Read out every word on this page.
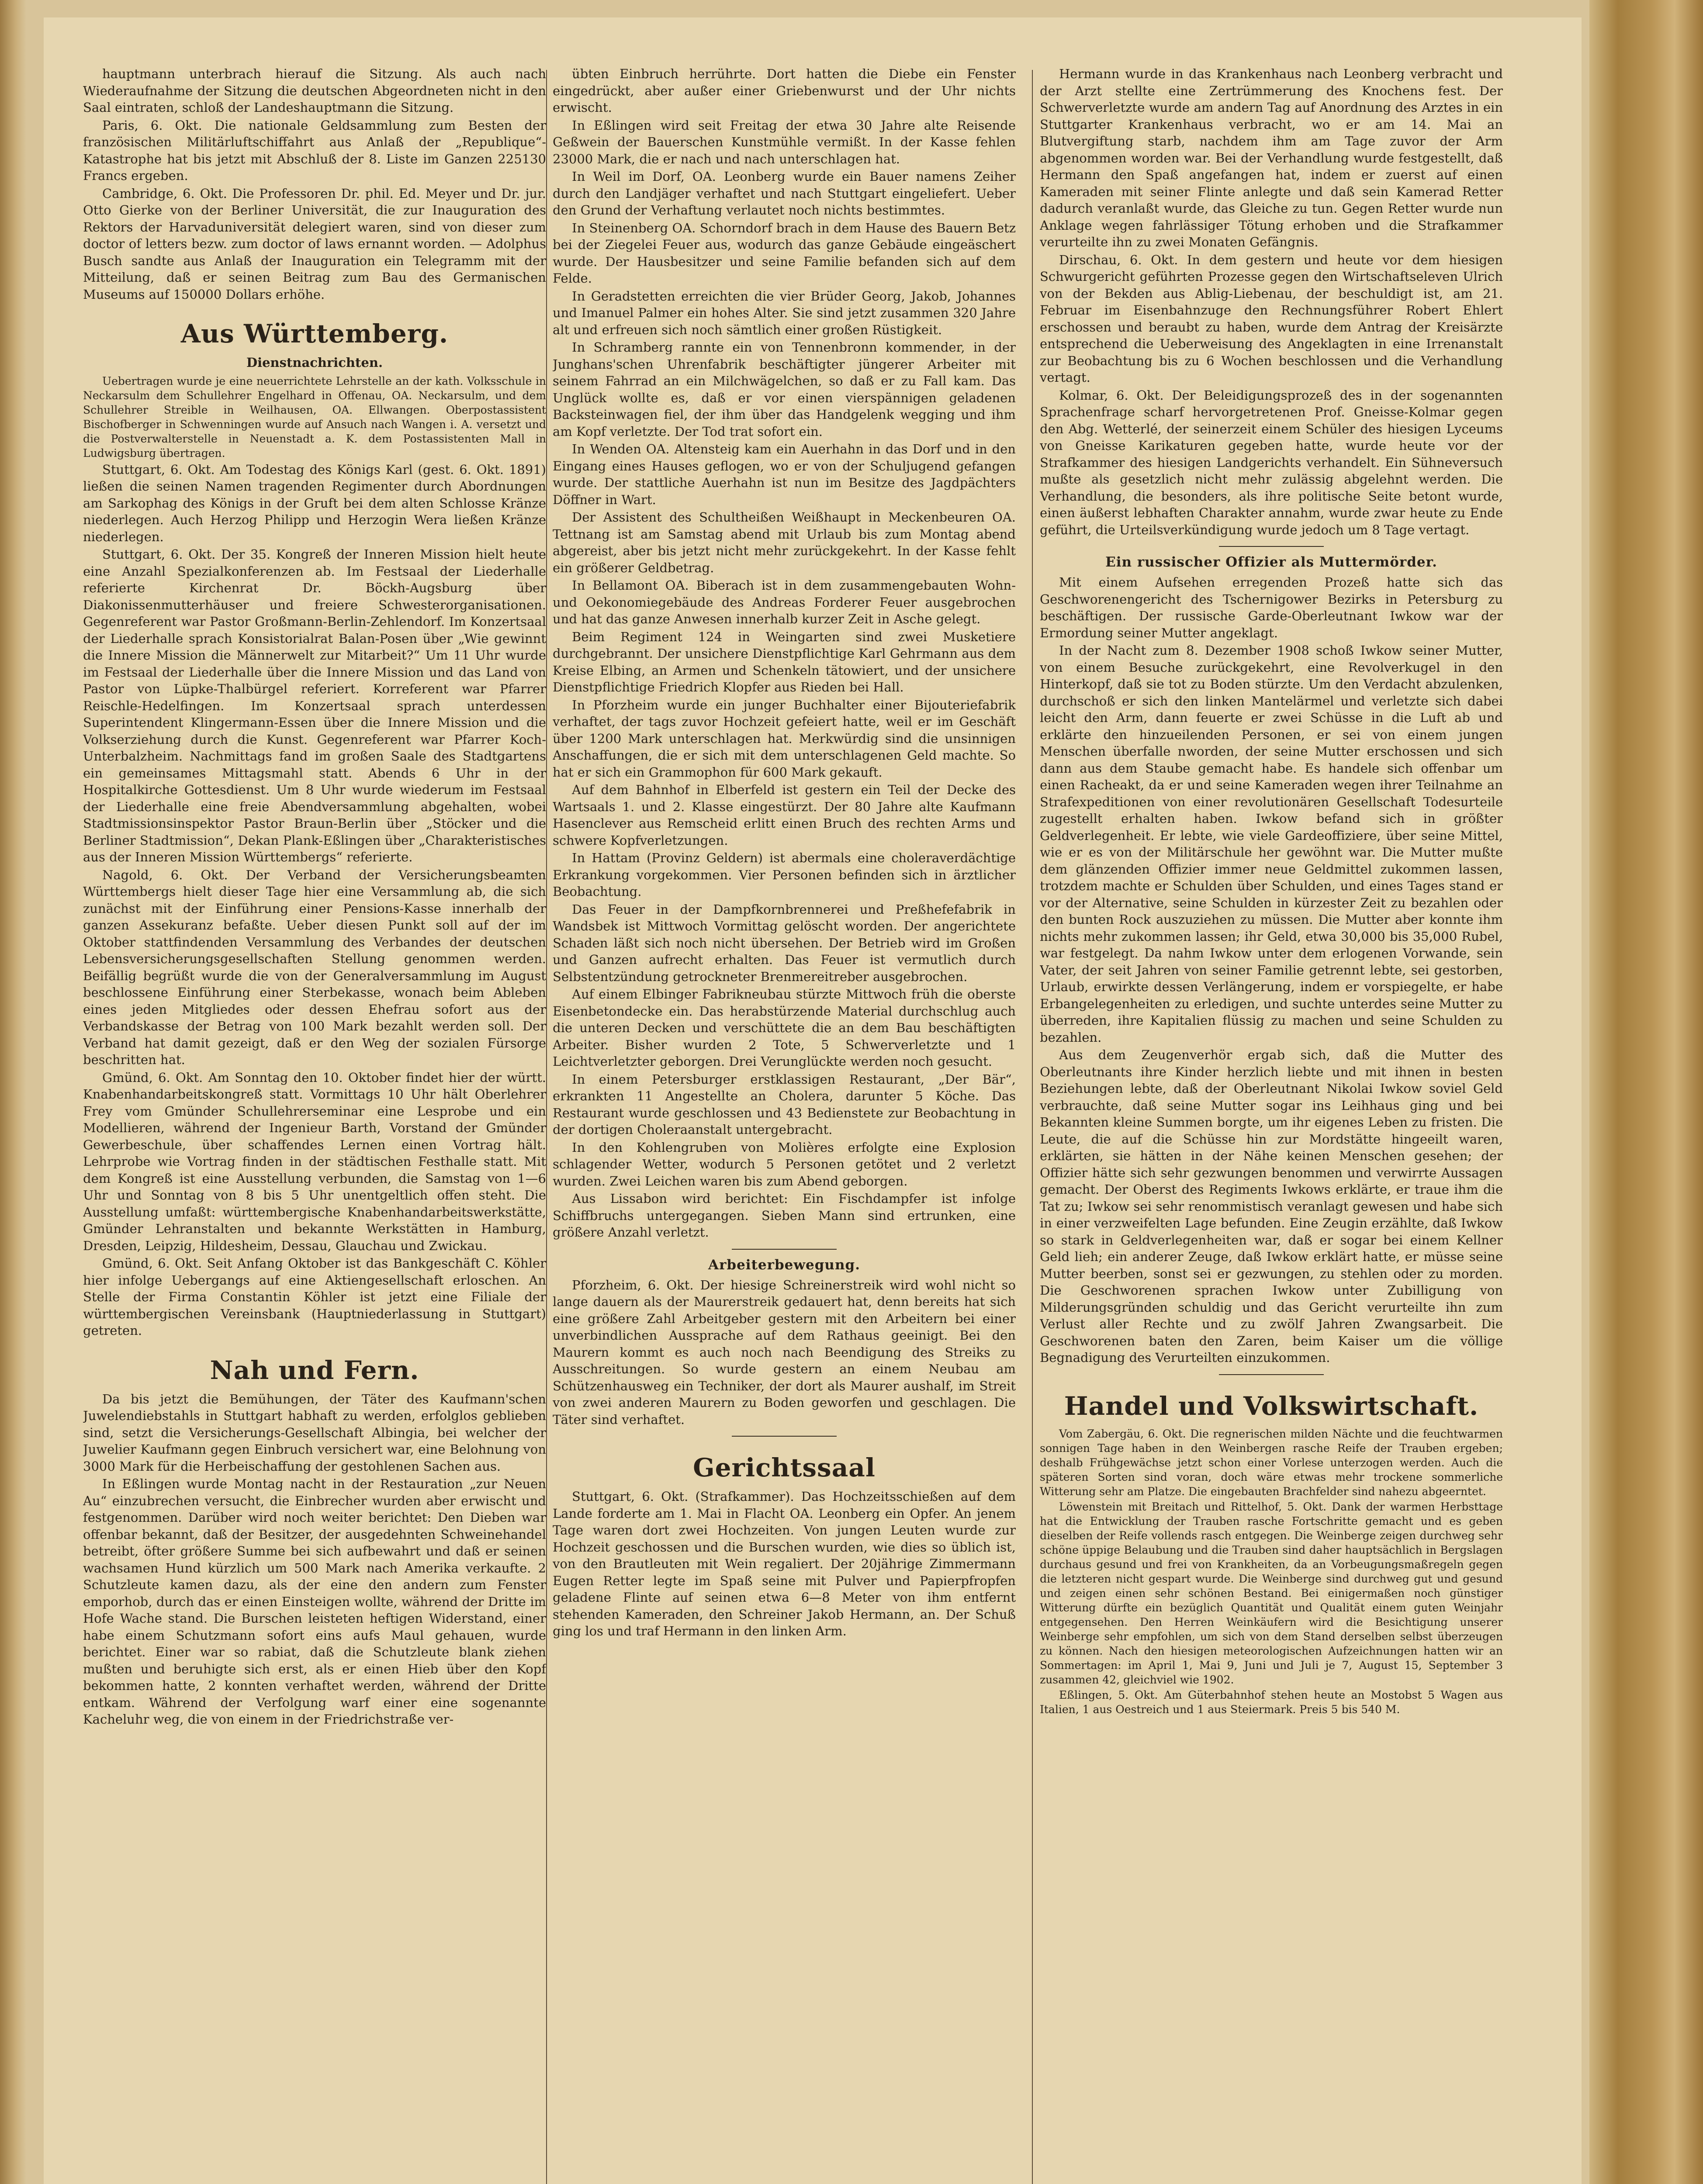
hauptmann unterbrach hierauf die Sitzung. Als auch nach Wiederaufnahme der Sitzung die deutschen Abgeordneten nicht in den Saal eintraten, schloß der Landeshauptmann die Sitzung.

Paris, 6. Okt. Die nationale Geldsammlung zum Besten der französischen Militärluftschiffahrt aus Anlaß der „Republique“-Katastrophe hat bis jetzt mit Abschluß der 8. Liste im Ganzen 225130 Francs ergeben.

Cambridge, 6. Okt. Die Professoren Dr. phil. Ed. Meyer und Dr. jur. Otto Gierke von der Berliner Universität, die zur Inauguration des Rektors der Harvaduniversität delegiert waren, sind von dieser zum doctor of letters bezw. zum doctor of laws ernannt worden. — Adolphus Busch sandte aus Anlaß der Inauguration ein Telegramm mit der Mitteilung, daß er seinen Beitrag zum Bau des Germanischen Museums auf 150000 Dollars erhöhe.

Aus Württemberg.
Dienstnachrichten.

Uebertragen wurde je eine neuerrichtete Lehrstelle an der kath. Volksschule in Neckarsulm dem Schullehrer Engelhard in Offenau, OA. Neckarsulm, und dem Schullehrer Streible in Weilhausen, OA. Ellwangen. Oberpostassistent Bischofberger in Schwenningen wurde auf Ansuch nach Wangen i. A. versetzt und die Postverwalterstelle in Neuenstadt a. K. dem Postassistenten Mall in Ludwigsburg übertragen.

Stuttgart, 6. Okt. Am Todestag des Königs Karl (gest. 6. Okt. 1891) ließen die seinen Namen tragenden Regimenter durch Abordnungen am Sarkophag des Königs in der Gruft bei dem alten Schlosse Kränze niederlegen. Auch Herzog Philipp und Herzogin Wera ließen Kränze niederlegen.

Stuttgart, 6. Okt. Der 35. Kongreß der Inneren Mission hielt heute eine Anzahl Spezialkonferenzen ab. Im Festsaal der Liederhalle referierte Kirchenrat Dr. Böckh-Augsburg über Diakonissenmutterhäuser und freiere Schwesterorganisationen. Gegenreferent war Pastor Großmann-Berlin-Zehlendorf. Im Konzertsaal der Liederhalle sprach Konsistorialrat Balan-Posen über „Wie gewinnt die Innere Mission die Männerwelt zur Mitarbeit?“ Um 11 Uhr wurde im Festsaal der Liederhalle über die Innere Mission und das Land von Pastor von Lüpke-Thalbürgel referiert. Korreferent war Pfarrer Reischle-Hedelfingen. Im Konzertsaal sprach unterdessen Superintendent Klingermann-Essen über die Innere Mission und die Volkserziehung durch die Kunst. Gegenreferent war Pfarrer Koch-Unterbalzheim. Nachmittags fand im großen Saale des Stadtgartens ein gemeinsames Mittagsmahl statt. Abends 6 Uhr in der Hospitalkirche Gottesdienst. Um 8 Uhr wurde wiederum im Festsaal der Liederhalle eine freie Abendversammlung abgehalten, wobei Stadtmissionsinspektor Pastor Braun-Berlin über „Stöcker und die Berliner Stadtmission“, Dekan Plank-Eßlingen über „Charakteristisches aus der Inneren Mission Württembergs“ referierte.

Nagold, 6. Okt. Der Verband der Versicherungsbeamten Württembergs hielt dieser Tage hier eine Versammlung ab, die sich zunächst mit der Einführung einer Pensions-Kasse innerhalb der ganzen Assekuranz befaßte. Ueber diesen Punkt soll auf der im Oktober stattfindenden Versammlung des Verbandes der deutschen Lebensversicherungsgesellschaften Stellung genommen werden. Beifällig begrüßt wurde die von der Generalversammlung im August beschlossene Einführung einer Sterbekasse, wonach beim Ableben eines jeden Mitgliedes oder dessen Ehefrau sofort aus der Verbandskasse der Betrag von 100 Mark bezahlt werden soll. Der Verband hat damit gezeigt, daß er den Weg der sozialen Fürsorge beschritten hat.

Gmünd, 6. Okt. Am Sonntag den 10. Oktober findet hier der württ. Knabenhandarbeitskongreß statt. Vormittags 10 Uhr hält Oberlehrer Frey vom Gmünder Schullehrerseminar eine Lesprobe und ein Modellieren, während der Ingenieur Barth, Vorstand der Gmünder Gewerbeschule, über schaffendes Lernen einen Vortrag hält. Lehrprobe wie Vortrag finden in der städtischen Festhalle statt. Mit dem Kongreß ist eine Ausstellung verbunden, die Samstag von 1—6 Uhr und Sonntag von 8 bis 5 Uhr unentgeltlich offen steht. Die Ausstellung umfaßt: württembergische Knabenhandarbeitswerkstätte, Gmünder Lehranstalten und bekannte Werkstätten in Hamburg, Dresden, Leipzig, Hildesheim, Dessau, Glauchau und Zwickau.

Gmünd, 6. Okt. Seit Anfang Oktober ist das Bankgeschäft C. Köhler hier infolge Uebergangs auf eine Aktiengesellschaft erloschen. An Stelle der Firma Constantin Köhler ist jetzt eine Filiale der württembergischen Vereinsbank (Hauptniederlassung in Stuttgart) getreten.

Nah und Fern.

Da bis jetzt die Bemühungen, der Täter des Kaufmann'schen Juwelendiebstahls in Stuttgart habhaft zu werden, erfolglos geblieben sind, setzt die Versicherungs-Gesellschaft Albingia, bei welcher der Juwelier Kaufmann gegen Einbruch versichert war, eine Belohnung von 3000 Mark für die Herbeischaffung der gestohlenen Sachen aus.

In Eßlingen wurde Montag nacht in der Restauration „zur Neuen Au“ einzubrechen versucht, die Einbrecher wurden aber erwischt und festgenommen. Darüber wird noch weiter berichtet: Den Dieben war offenbar bekannt, daß der Besitzer, der ausgedehnten Schweinehandel betreibt, öfter größere Summe bei sich aufbewahrt und daß er seinen wachsamen Hund kürzlich um 500 Mark nach Amerika verkaufte. 2 Schutzleute kamen dazu, als der eine den andern zum Fenster emporhob, durch das er einen Einsteigen wollte, während der Dritte im Hofe Wache stand. Die Burschen leisteten heftigen Widerstand, einer habe einem Schutzmann sofort eins aufs Maul gehauen, wurde berichtet. Einer war so rabiat, daß die Schutzleute blank ziehen mußten und beruhigte sich erst, als er einen Hieb über den Kopf bekommen hatte, 2 konnten verhaftet werden, während der Dritte entkam. Während der Verfolgung warf einer eine sogenannte Kacheluhr weg, die von einem in der Friedrichstraße ver-

übten Einbruch herrührte. Dort hatten die Diebe ein Fenster eingedrückt, aber außer einer Griebenwurst und der Uhr nichts erwischt.

In Eßlingen wird seit Freitag der etwa 30 Jahre alte Reisende Geßwein der Bauerschen Kunstmühle vermißt. In der Kasse fehlen 23000 Mark, die er nach und nach unterschlagen hat.

In Weil im Dorf, OA. Leonberg wurde ein Bauer namens Zeiher durch den Landjäger verhaftet und nach Stuttgart eingeliefert. Ueber den Grund der Verhaftung verlautet noch nichts bestimmtes.

In Steinenberg OA. Schorndorf brach in dem Hause des Bauern Betz bei der Ziegelei Feuer aus, wodurch das ganze Gebäude eingeäschert wurde. Der Hausbesitzer und seine Familie befanden sich auf dem Felde.

In Geradstetten erreichten die vier Brüder Georg, Jakob, Johannes und Imanuel Palmer ein hohes Alter. Sie sind jetzt zusammen 320 Jahre alt und erfreuen sich noch sämtlich einer großen Rüstigkeit.

In Schramberg rannte ein von Tennenbronn kommender, in der Junghans'schen Uhrenfabrik beschäftigter jüngerer Arbeiter mit seinem Fahrrad an ein Milchwägelchen, so daß er zu Fall kam. Das Unglück wollte es, daß er vor einen vierspännigen geladenen Backsteinwagen fiel, der ihm über das Handgelenk wegging und ihm am Kopf verletzte. Der Tod trat sofort ein.

In Wenden OA. Altensteig kam ein Auerhahn in das Dorf und in den Eingang eines Hauses geflogen, wo er von der Schuljugend gefangen wurde. Der stattliche Auerhahn ist nun im Besitze des Jagdpächters Döffner in Wart.

Der Assistent des Schultheißen Weißhaupt in Meckenbeuren OA. Tettnang ist am Samstag abend mit Urlaub bis zum Montag abend abgereist, aber bis jetzt nicht mehr zurückgekehrt. In der Kasse fehlt ein größerer Geldbetrag.

In Bellamont OA. Biberach ist in dem zusammengebauten Wohn- und Oekonomiegebäude des Andreas Forderer Feuer ausgebrochen und hat das ganze Anwesen innerhalb kurzer Zeit in Asche gelegt.

Beim Regiment 124 in Weingarten sind zwei Musketiere durchgebrannt. Der unsichere Dienstpflichtige Karl Gehrmann aus dem Kreise Elbing, an Armen und Schenkeln tätowiert, und der unsichere Dienstpflichtige Friedrich Klopfer aus Rieden bei Hall.

In Pforzheim wurde ein junger Buchhalter einer Bijouteriefabrik verhaftet, der tags zuvor Hochzeit gefeiert hatte, weil er im Geschäft über 1200 Mark unterschlagen hat. Merkwürdig sind die unsinnigen Anschaffungen, die er sich mit dem unterschlagenen Geld machte. So hat er sich ein Grammophon für 600 Mark gekauft.

Auf dem Bahnhof in Elberfeld ist gestern ein Teil der Decke des Wartsaals 1. und 2. Klasse eingestürzt. Der 80 Jahre alte Kaufmann Hasenclever aus Remscheid erlitt einen Bruch des rechten Arms und schwere Kopfverletzungen.

In Hattam (Provinz Geldern) ist abermals eine choleraverdächtige Erkrankung vorgekommen. Vier Personen befinden sich in ärztlicher Beobachtung.

Das Feuer in der Dampfkornbrennerei und Preßhefefabrik in Wandsbek ist Mittwoch Vormittag gelöscht worden. Der angerichtete Schaden läßt sich noch nicht übersehen. Der Betrieb wird im Großen und Ganzen aufrecht erhalten. Das Feuer ist vermutlich durch Selbstentzündung getrockneter Brenmereitreber ausgebrochen.

Auf einem Elbinger Fabrikneubau stürzte Mittwoch früh die oberste Eisenbetondecke ein. Das herabstürzende Material durchschlug auch die unteren Decken und verschüttete die an dem Bau beschäftigten Arbeiter. Bisher wurden 2 Tote, 5 Schwerverletzte und 1 Leichtverletzter geborgen. Drei Verunglückte werden noch gesucht.

In einem Petersburger erstklassigen Restaurant, „Der Bär“, erkrankten 11 Angestellte an Cholera, darunter 5 Köche. Das Restaurant wurde geschlossen und 43 Bedienstete zur Beobachtung in der dortigen Choleraanstalt untergebracht.

In den Kohlengruben von Molières erfolgte eine Explosion schlagender Wetter, wodurch 5 Personen getötet und 2 verletzt wurden. Zwei Leichen waren bis zum Abend geborgen.

Aus Lissabon wird berichtet: Ein Fischdampfer ist infolge Schiffbruchs untergegangen. Sieben Mann sind ertrunken, eine größere Anzahl verletzt.

Arbeiterbewegung.

Pforzheim, 6. Okt. Der hiesige Schreinerstreik wird wohl nicht so lange dauern als der Maurerstreik gedauert hat, denn bereits hat sich eine größere Zahl Arbeitgeber gestern mit den Arbeitern bei einer unverbindlichen Aussprache auf dem Rathaus geeinigt. Bei den Maurern kommt es auch noch nach Beendigung des Streiks zu Ausschreitungen. So wurde gestern an einem Neubau am Schützenhausweg ein Techniker, der dort als Maurer aushalf, im Streit von zwei anderen Maurern zu Boden geworfen und geschlagen. Die Täter sind verhaftet.

Gerichtssaal

Stuttgart, 6. Okt. (Strafkammer). Das Hochzeitsschießen auf dem Lande forderte am 1. Mai in Flacht OA. Leonberg ein Opfer. An jenem Tage waren dort zwei Hochzeiten. Von jungen Leuten wurde zur Hochzeit geschossen und die Burschen wurden, wie dies so üblich ist, von den Brautleuten mit Wein regaliert. Der 20jährige Zimmermann Eugen Retter legte im Spaß seine mit Pulver und Papierpfropfen geladene Flinte auf seinen etwa 6—8 Meter von ihm entfernt stehenden Kameraden, den Schreiner Jakob Hermann, an. Der Schuß ging los und traf Hermann in den linken Arm.

Hermann wurde in das Krankenhaus nach Leonberg verbracht und der Arzt stellte eine Zertrümmerung des Knochens fest. Der Schwerverletzte wurde am andern Tag auf Anordnung des Arztes in ein Stuttgarter Krankenhaus verbracht, wo er am 14. Mai an Blutvergiftung starb, nachdem ihm am Tage zuvor der Arm abgenommen worden war. Bei der Verhandlung wurde festgestellt, daß Hermann den Spaß angefangen hat, indem er zuerst auf einen Kameraden mit seiner Flinte anlegte und daß sein Kamerad Retter dadurch veranlaßt wurde, das Gleiche zu tun. Gegen Retter wurde nun Anklage wegen fahrlässiger Tötung erhoben und die Strafkammer verurteilte ihn zu zwei Monaten Gefängnis.

Dirschau, 6. Okt. In dem gestern und heute vor dem hiesigen Schwurgericht geführten Prozesse gegen den Wirtschaftseleven Ulrich von der Bekden aus Ablig-Liebenau, der beschuldigt ist, am 21. Februar im Eisenbahnzuge den Rechnungsführer Robert Ehlert erschossen und beraubt zu haben, wurde dem Antrag der Kreisärzte entsprechend die Ueberweisung des Angeklagten in eine Irrenanstalt zur Beobachtung bis zu 6 Wochen beschlossen und die Verhandlung vertagt.

Kolmar, 6. Okt. Der Beleidigungsprozeß des in der sogenannten Sprachenfrage scharf hervorgetretenen Prof. Gneisse-Kolmar gegen den Abg. Wetterlé, der seinerzeit einem Schüler des hiesigen Lyceums von Gneisse Karikaturen gegeben hatte, wurde heute vor der Strafkammer des hiesigen Landgerichts verhandelt. Ein Sühneversuch mußte als gesetzlich nicht mehr zulässig abgelehnt werden. Die Verhandlung, die besonders, als ihre politische Seite betont wurde, einen äußerst lebhaften Charakter annahm, wurde zwar heute zu Ende geführt, die Urteilsverkündigung wurde jedoch um 8 Tage vertagt.

Ein russischer Offizier als Muttermörder.

Mit einem Aufsehen erregenden Prozeß hatte sich das Geschworenengericht des Tschernigower Bezirks in Petersburg zu beschäftigen. Der russische Garde-Oberleutnant Iwkow war der Ermordung seiner Mutter angeklagt.

In der Nacht zum 8. Dezember 1908 schoß Iwkow seiner Mutter, von einem Besuche zurückgekehrt, eine Revolverkugel in den Hinterkopf, daß sie tot zu Boden stürzte. Um den Verdacht abzulenken, durchschoß er sich den linken Mantelärmel und verletzte sich dabei leicht den Arm, dann feuerte er zwei Schüsse in die Luft ab und erklärte den hinzueilenden Personen, er sei von einem jungen Menschen überfalle nworden, der seine Mutter erschossen und sich dann aus dem Staube gemacht habe. Es handele sich offenbar um einen Racheakt, da er und seine Kameraden wegen ihrer Teilnahme an Strafexpeditionen von einer revolutionären Gesellschaft Todesurteile zugestellt erhalten haben. Iwkow befand sich in größter Geldverlegenheit. Er lebte, wie viele Gardeoffiziere, über seine Mittel, wie er es von der Militärschule her gewöhnt war. Die Mutter mußte dem glänzenden Offizier immer neue Geldmittel zukommen lassen, trotzdem machte er Schulden über Schulden, und eines Tages stand er vor der Alternative, seine Schulden in kürzester Zeit zu bezahlen oder den bunten Rock auszuziehen zu müssen. Die Mutter aber konnte ihm nichts mehr zukommen lassen; ihr Geld, etwa 30,000 bis 35,000 Rubel, war festgelegt. Da nahm Iwkow unter dem erlogenen Vorwande, sein Vater, der seit Jahren von seiner Familie getrennt lebte, sei gestorben, Urlaub, erwirkte dessen Verlängerung, indem er vorspiegelte, er habe Erbangelegenheiten zu erledigen, und suchte unterdes seine Mutter zu überreden, ihre Kapitalien flüssig zu machen und seine Schulden zu bezahlen.

Aus dem Zeugenverhör ergab sich, daß die Mutter des Oberleutnants ihre Kinder herzlich liebte und mit ihnen in besten Beziehungen lebte, daß der Oberleutnant Nikolai Iwkow soviel Geld verbrauchte, daß seine Mutter sogar ins Leihhaus ging und bei Bekannten kleine Summen borgte, um ihr eigenes Leben zu fristen. Die Leute, die auf die Schüsse hin zur Mordstätte hingeeilt waren, erklärten, sie hätten in der Nähe keinen Menschen gesehen; der Offizier hätte sich sehr gezwungen benommen und verwirrte Aussagen gemacht. Der Oberst des Regiments Iwkows erklärte, er traue ihm die Tat zu; Iwkow sei sehr renommistisch veranlagt gewesen und habe sich in einer verzweifelten Lage befunden. Eine Zeugin erzählte, daß Iwkow so stark in Geldverlegenheiten war, daß er sogar bei einem Kellner Geld lieh; ein anderer Zeuge, daß Iwkow erklärt hatte, er müsse seine Mutter beerben, sonst sei er gezwungen, zu stehlen oder zu morden. Die Geschworenen sprachen Iwkow unter Zubilligung von Milderungsgründen schuldig und das Gericht verurteilte ihn zum Verlust aller Rechte und zu zwölf Jahren Zwangsarbeit. Die Geschworenen baten den Zaren, beim Kaiser um die völlige Begnadigung des Verurteilten einzukommen.

Handel und Volkswirtschaft.

Vom Zabergäu, 6. Okt. Die regnerischen milden Nächte und die feuchtwarmen sonnigen Tage haben in den Weinbergen rasche Reife der Trauben ergeben; deshalb Frühgewächse jetzt schon einer Vorlese unterzogen werden. Auch die späteren Sorten sind voran, doch wäre etwas mehr trockene sommerliche Witterung sehr am Platze. Die eingebauten Brachfelder sind nahezu abgeerntet.

Löwenstein mit Breitach und Rittelhof, 5. Okt. Dank der warmen Herbsttage hat die Entwicklung der Trauben rasche Fortschritte gemacht und es geben dieselben der Reife vollends rasch entgegen. Die Weinberge zeigen durchweg sehr schöne üppige Belaubung und die Trauben sind daher hauptsächlich in Bergslagen durchaus gesund und frei von Krankheiten, da an Vorbeugungsmaßregeln gegen die letzteren nicht gespart wurde. Die Weinberge sind durchweg gut und gesund und zeigen einen sehr schönen Bestand. Bei einigermaßen noch günstiger Witterung dürfte ein bezüglich Quantität und Qualität einem guten Weinjahr entgegensehen. Den Herren Weinkäufern wird die Besichtigung unserer Weinberge sehr empfohlen, um sich von dem Stand derselben selbst überzeugen zu können. Nach den hiesigen meteorologischen Aufzeichnungen hatten wir an Sommertagen: im April 1, Mai 9, Juni und Juli je 7, August 15, September 3 zusammen 42, gleichviel wie 1902.

Eßlingen, 5. Okt. Am Güterbahnhof stehen heute an Mostobst 5 Wagen aus Italien, 1 aus Oestreich und 1 aus Steiermark. Preis 5 bis 540 M.
